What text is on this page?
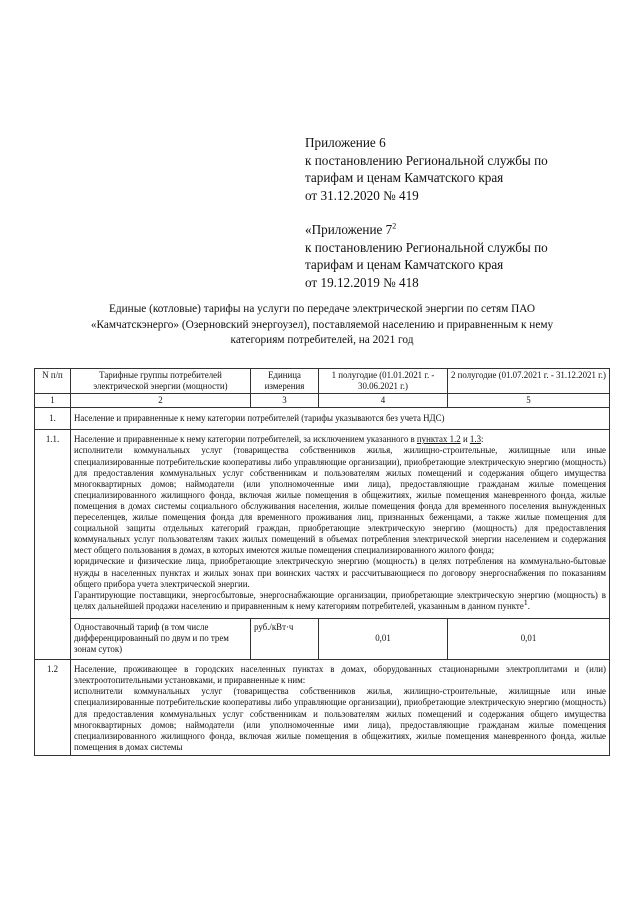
Приложение 6
к постановлению Региональной службы по
тарифам и ценам Камчатского края
от 31.12.2020 № 419
«Приложение $7^2$
к постановлению Региональной службы по
тарифам и ценам Камчатского края
от 19.12.2019 № 418
Единые (котловые) тарифы на услуги по передаче электрической энергии по сетям ПАО
«Камчатскэнерго» (Озерновский энергоузел), поставляемой населению и приравненным к нему
категориям потребителей, на 2021 год
N п/п	Тарифные группы потребителей электрической энергии (мощности)	Единица измерения	1 полугодие (01.01.2021 г. - 30.06.2021 г.)	2 полугодие (01.07.2021 г. - 31.12.2021 г.)
1	2	3	4	5
1.	Население и приравненные к нему категории потребителей (тарифы указываются без учета НДС)			
1.1.	Население и приравненные к нему категории потребителей, за исключением указанного в пунктах 1.2 и 1.3:
исполнители коммунальных услуг (товарищества собственников жилья, жилищно-строительные, жилищные или иные специализированные потребительские кооперативы либо управляющие организации), приобретающие электрическую энергию (мощность) для предоставления коммунальных услуг собственникам и пользователям жилых помещений и содержания общего имущества многоквартирных домов; наймодатели (или уполномоченные ими лица), предоставляющие гражданам жилые помещения специализированного жилищного фонда, включая жилые помещения в общежитиях, жилые помещения маневренного фонда, жилые помещения в домах системы социального обслуживания населения, жилые помещения фонда для временного поселения вынужденных переселенцев, жилые помещения фонда для временного проживания лиц, признанных беженцами, а также жилые помещения для социальной защиты отдельных категорий граждан, приобретающие электрическую энергию (мощность) для предоставления коммунальных услуг пользователям таких жилых помещений в объемах потребления электрической энергии населением и содержания мест общего пользования в домах, в которых имеются жилые помещения специализированного жилого фонда;
юридические и физические лица, приобретающие электрическую энергию (мощность) в целях потребления на коммунально-бытовые нужды в населенных пунктах и жилых зонах при воинских частях и рассчитывающиеся по договору энергоснабжения по показаниям общего прибора учета электрической энергии.
Гарантирующие поставщики, энергосбытовые, энергоснабжающие организации, приобретающие электрическую энергию (мощность) в целях дальнейшей продажи населению и приравненным к нему категориям потребителей, указанным в данном пункте$^1$.			

	Одноставочный тариф (в том числе дифференцированный по двум и по трем зонам суток)	руб./кВт·ч	0,01	0,01
1.2	Население, проживающее в городских населенных пунктах в домах, оборудованных стационарными электроплитами и (или) электроотопительными установками, и приравненные к ним:
исполнители коммунальных услуг (товарищества собственников жилья, жилищно-строительные, жилищные или иные специализированные потребительские кооперативы либо управляющие организации), приобретающие электрическую энергию (мощность) для предоставления коммунальных услуг собственникам и пользователям жилых помещений и содержания общего имущества многоквартирных домов; наймодатели (или уполномоченные ими лица), предоставляющие гражданам жилые помещения специализированного жилищного фонда, включая жилые помещения в общежитиях, жилые помещения маневренного фонда, жилые помещения в домах системы			
